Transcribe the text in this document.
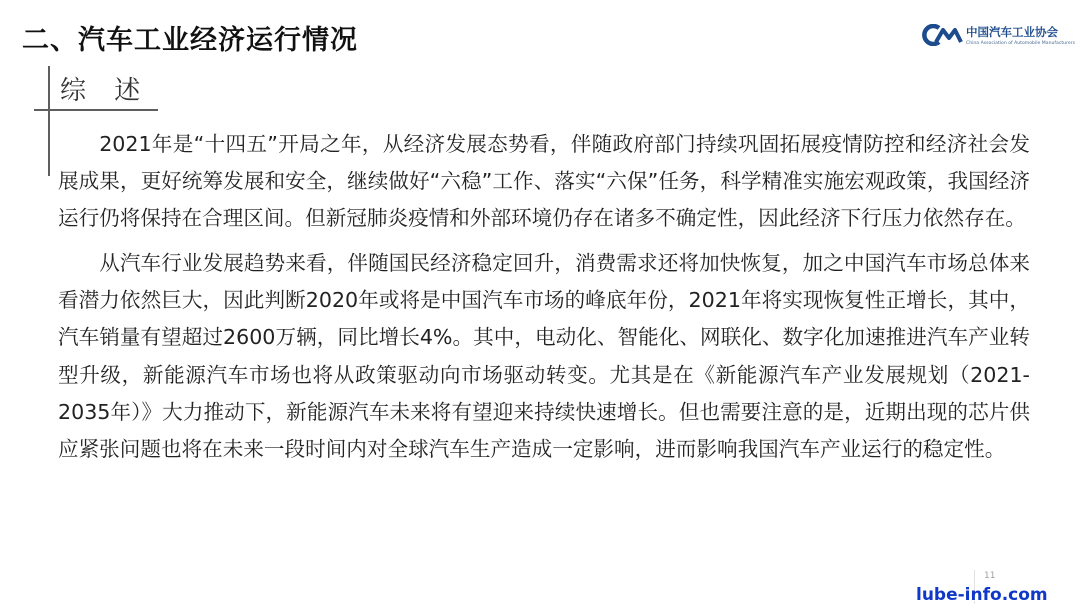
二、汽车工业经济运行情况	中国汽车工业协会
China Association of Automobile Manufacturers
综 述

2021年是“十四五”开局之年，从经济发展态势看，伴随政府部门持续巩固拓展疫情防控和经济社会发展成果，更好统筹发展和安全，继续做好“六稳”工作、落实“六保”任务，科学精准实施宏观政策，我国经济运行仍将保持在合理区间。但新冠肺炎疫情和外部环境仍存在诸多不确定性，因此经济下行压力依然存在。

从汽车行业发展趋势来看，伴随国民经济稳定回升，消费需求还将加快恢复，加之中国汽车市场总体来看潜力依然巨大，因此判断2020年或将是中国汽车市场的峰底年份，2021年将实现恢复性正增长，其中，汽车销量有望超过2600万辆，同比增长4%。其中，电动化、智能化、网联化、数字化加速推进汽车产业转型升级，新能源汽车市场也将从政策驱动向市场驱动转变。尤其是在《新能源汽车产业发展规划（2021-2035年）》大力推动下，新能源汽车未来将有望迎来持续快速增长。但也需要注意的是，近期出现的芯片供应紧张问题也将在未来一段时间内对全球汽车生产造成一定影响，进而影响我国汽车产业运行的稳定性。

11
lube-info.com
